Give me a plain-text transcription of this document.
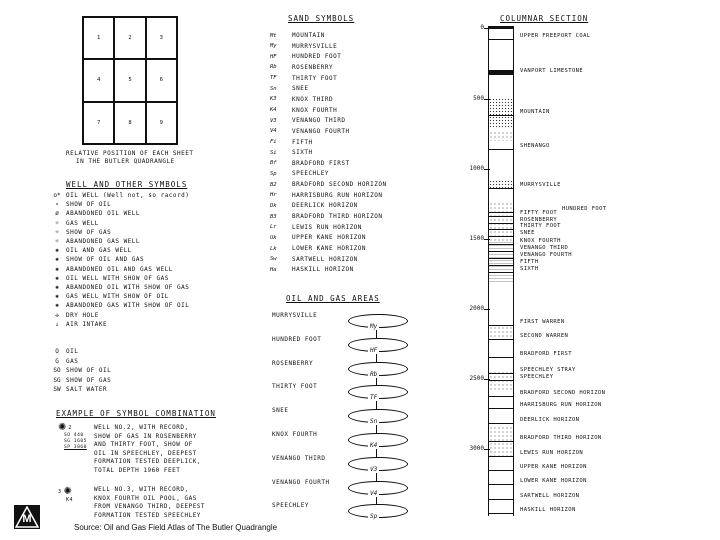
1	2	3
4	5	6
7	8	9
RELATIVE POSITION OF EACH SHEET
IN THE BUTLER QUADRANGLE
WELL AND OTHER SYMBOLS
o* OIL WELL (Well not, so racord)
∘	SHOW OF OIL
ø	ABANDONED OIL WELL
☼	GAS WELL
☼	SHOW OF GAS
☼	ABANDONED GAS WELL
✺	OIL AND GAS WELL
✺	SHOW OF OIL AND GAS
✺	ABANDONED OIL AND GAS WELL
✺	OIL WELL WITH SHOW OF GAS
✺	ABANDONED OIL WITH SHOW OF GAS
✺	GAS WELL WITH SHOW OF OIL
✺	ABANDONED GAS WITH SHOW OF OIL
✣	DRY HOLE
↓	AIR INTAKE
O	OIL
G	GAS
SO SHOW OF OIL
SG SHOW OF GAS
SW SALT WATER
EXAMPLE OF SYMBOL COMBINATION
✺ 2
SO 440
SG 1605
SP 3860
WELL NO.2, WITH RECORD,
SHOW OF GAS IN ROSENBERRY
AND THIRTY FOOT, SHOW OF
OIL IN SPEECHLEY, DEEPEST
FORMATION TESTED DEEPLICK,
TOTAL DEPTH 1960 FEET
3 ✺
K4
WELL NO.3, WITH RECORD,
KNOX FOURTH OIL POOL, GAS
FROM VENANGO THIRD, DEEPEST
FORMATION TESTED SPEECHLEY
SAND SYMBOLS
Mt	MOUNTAIN
My	MURRYSVILLE
HF	HUNDRED FOOT
Rb	ROSENBERRY
TF	THIRTY FOOT
Sn	SNEE
K3	KNOX THIRD
K4	KNOX FOURTH
V3	VENANGO THIRD
V4	VENANGO FOURTH
Fi	FIFTH
Si	SIXTH
Bf	BRADFORD FIRST
Sp	SPEECHLEY
B2	BRADFORD SECOND HORIZON
Hr	HARRISBURG RUN HORIZON
Dk	DEERLICK HORIZON
B3	BRADFORD THIRD HORIZON
Lr	LEWIS RUN HORIZON
Uk	UPPER KANE HORIZON
Lk	LOWER KANE HORIZON
Sw	SARTWELL HORIZON
Ha	HASKILL HORIZON
OIL AND GAS AREAS
MURRYSVILLE
My
HUNDRED FOOT
HF
ROSENBERRY
Rb
THIRTY FOOT
TF
SNEE
Sn
KNOX FOURTH
K4
VENANGO THIRD
V3
VENANGO FOURTH
V4
SPEECHLEY
Sp
COLUMNAR SECTION
0
500
1000
1500
2000
2500
3000
UPPER FREEPORT COAL
VANPORT LIMESTONE
MOUNTAIN
SHENANGO
MURRYSVILLE
HUNDRED FOOT
FIFTY FOOT
ROSENBERRY
THIRTY FOOT
SNEE
KNOX FOURTH
VENANGO THIRD
VENANGO FOURTH
FIFTH
SIXTH
FIRST WARREN
SECOND WARREN
BRADFORD FIRST
SPEECHLEY STRAY
SPEECHLEY
BRADFORD SECOND HORIZON
HARRISBURG RUN HORIZON
DEERLICK HORIZON
BRADFORD THIRD HORIZON
LEWIS RUN HORIZON
UPPER KANE HORIZON
LOWER KANE HORIZON
SARTWELL HORIZON
HASKILL HORIZON
M
Source: Oil and Gas Field Atlas of The Butler Quadrangle
